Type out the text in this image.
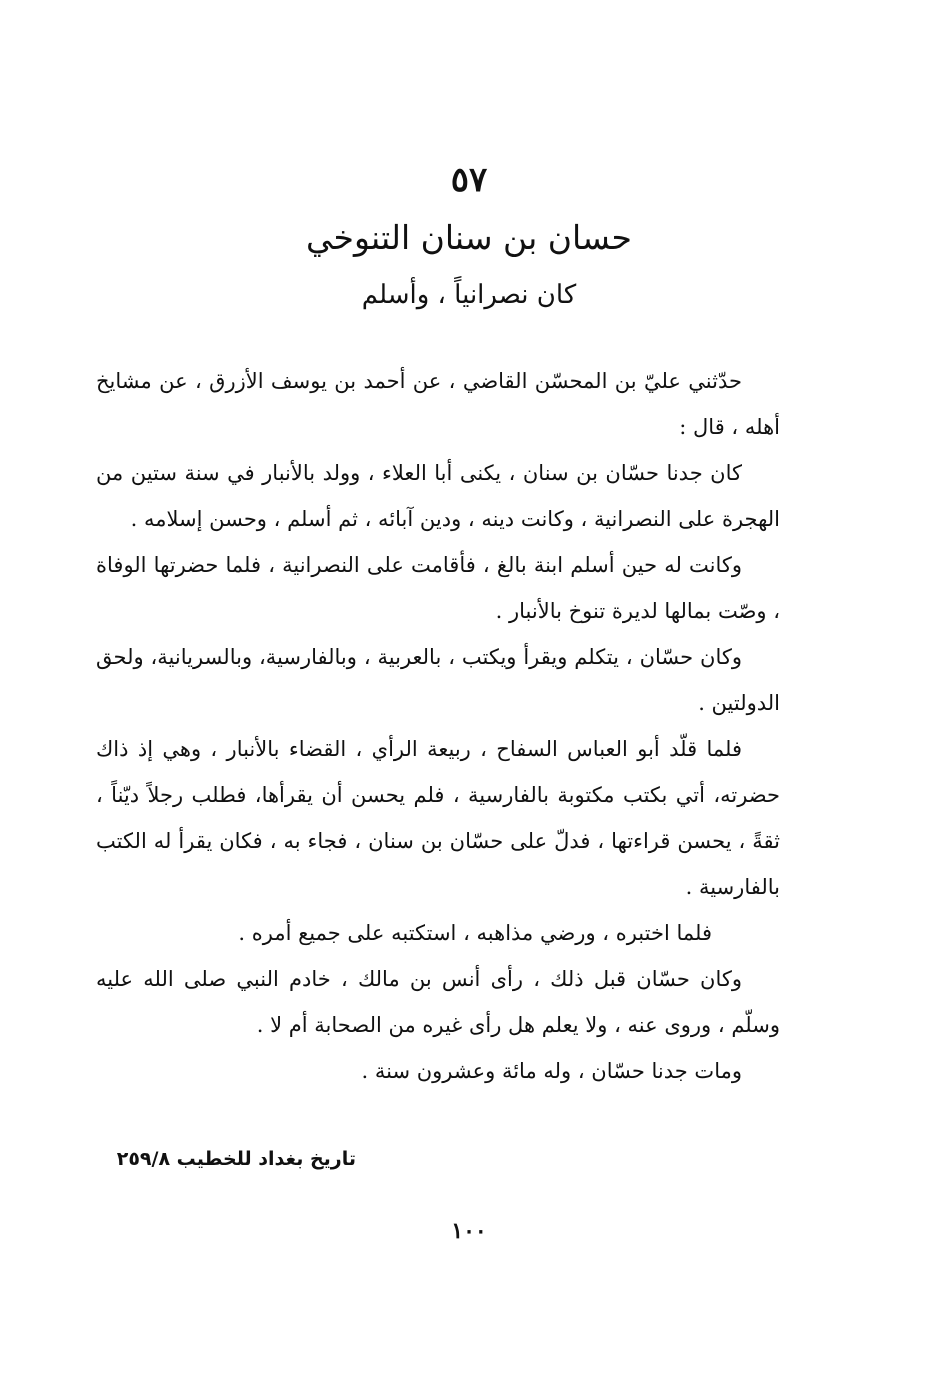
٥٧
حسان بن سنان التنوخي
كان نصرانياً ، وأسلم

حدّثني عليّ بن المحسّن القاضي ، عن أحمد بن يوسف الأزرق ، عن مشايخ أهله ، قال :

كان جدنا حسّان بن سنان ، يكنى أبا العلاء ، وولد بالأنبار في سنة ستين من الهجرة على النصرانية ، وكانت دينه ، ودين آبائه ، ثم أسلم ، وحسن إسلامه .

وكانت له حين أسلم ابنة بالغ ، فأقامت على النصرانية ، فلما حضرتها الوفاة ، وصّت بمالها لديرة تنوخ بالأنبار .

وكان حسّان ، يتكلم ويقرأ ويكتب ، بالعربية ، وبالفارسية، وبالسريانية، ولحق الدولتين .

فلما قلّد أبو العباس السفاح ، ربيعة الرأي ، القضاء بالأنبار ، وهي إذ ذاك حضرته، أتي بكتب مكتوبة بالفارسية ، فلم يحسن أن يقرأها، فطلب رجلاً ديّناً ، ثقةً ، يحسن قراءتها ، فدلّ على حسّان بن سنان ، فجاء به ، فكان يقرأ له الكتب بالفارسية .

فلما اختبره ، ورضي مذاهبه ، استكتبه على جميع أمره .

وكان حسّان قبل ذلك ، رأى أنس بن مالك ، خادم النبي صلى الله عليه وسلّم ، وروى عنه ، ولا يعلم هل رأى غيره من الصحابة أم لا .

ومات جدنا حسّان ، وله مائة وعشرون سنة .

تاريخ بغداد للخطيب ٢٥٩/٨
١٠٠
